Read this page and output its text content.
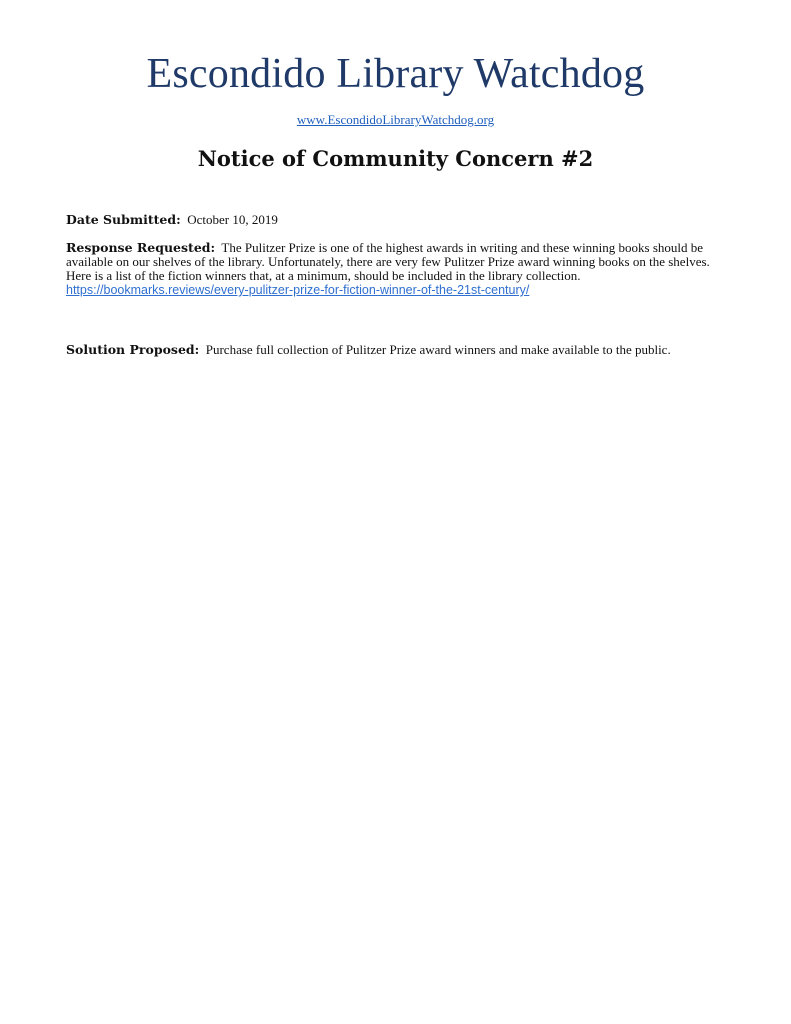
Escondido Library Watchdog
www.EscondidoLibraryWatchdog.org
Notice of Community Concern #2
Date Submitted: October 10, 2019
Response Requested: The Pulitzer Prize is one of the highest awards in writing and these winning books should be available on our shelves of the library. Unfortunately, there are very few Pulitzer Prize award winning books on the shelves. Here is a list of the fiction winners that, at a minimum, should be included in the library collection. https://bookmarks.reviews/every-pulitzer-prize-for-fiction-winner-of-the-21st-century/
Solution Proposed: Purchase full collection of Pulitzer Prize award winners and make available to the public.
